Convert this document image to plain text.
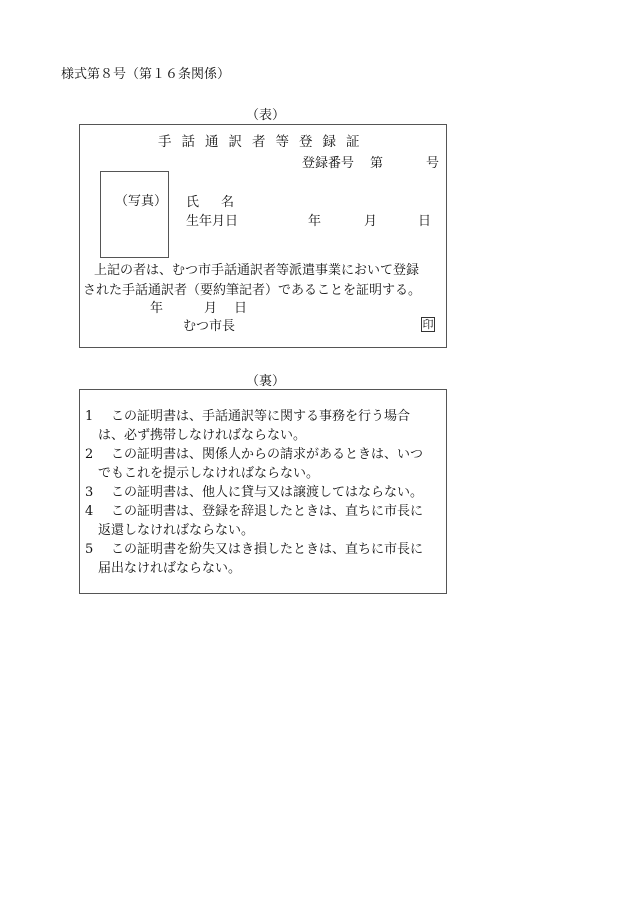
様式第８号（第１６条関係）
（表）
手話通訳者等登録証
登録番号 第	号
（写真） 氏名
生年月日	年	月	日
上記の者は、むつ市手話通訳者等派遣事業において登録
された手話通訳者（要約筆記者）であることを証明する。
年	月 日
むつ市長	印
（裏）
1 この証明書は、手話通訳等に関する事務を行う場合
は、必ず携帯しなければならない。
2 この証明書は、関係人からの請求があるときは、いつ
でもこれを提示しなければならない。
3 この証明書は、他人に貸与又は譲渡してはならない。
4 この証明書は、登録を辞退したときは、直ちに市長に
返還しなければならない。
5 この証明書を紛失又はき損したときは、直ちに市長に
届出なければならない。
